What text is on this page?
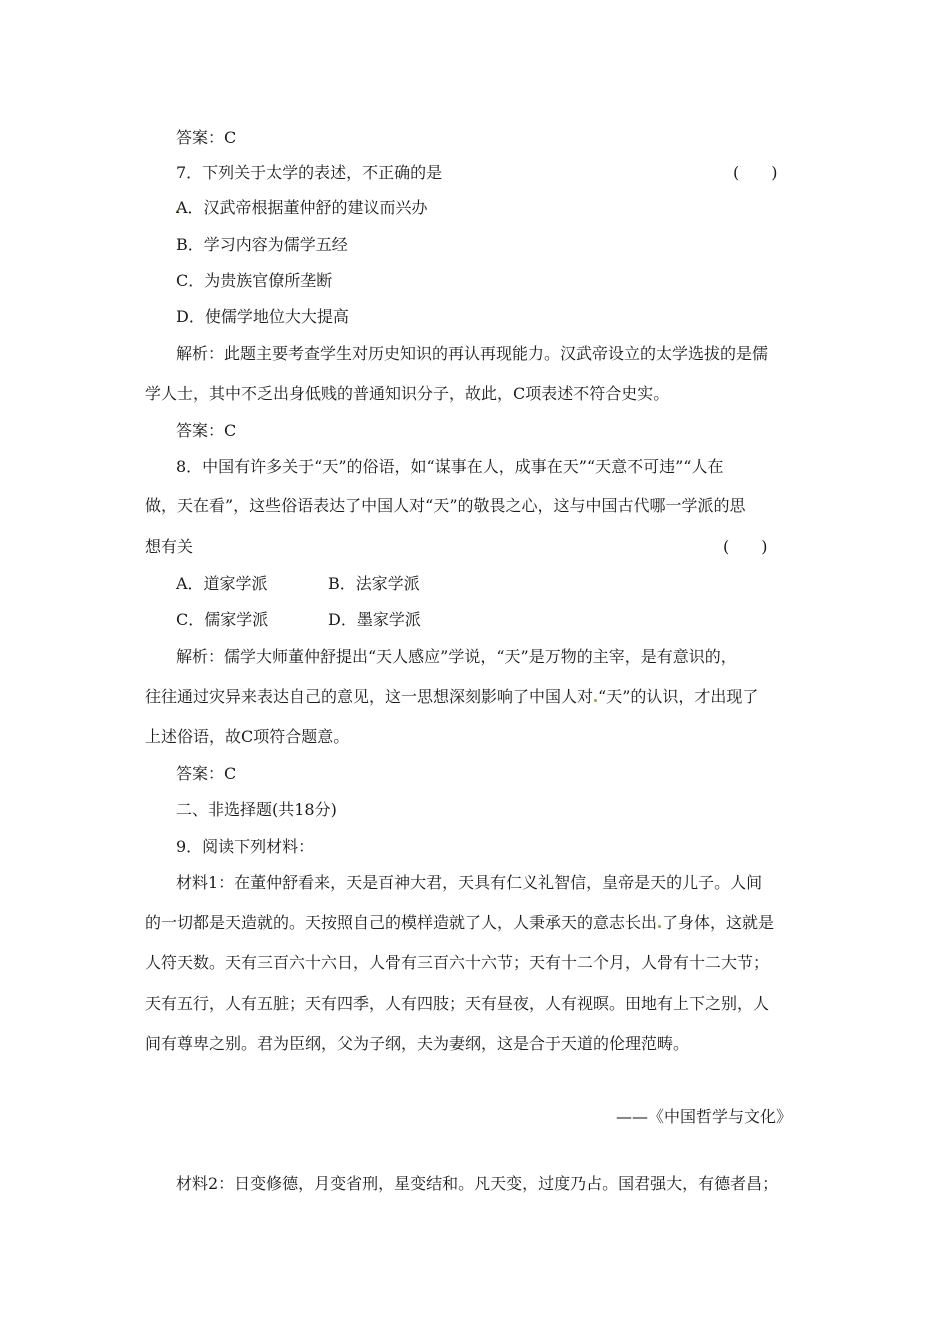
答案：C
7．下列关于太学的表述，不正确的是	(　　)
A．汉武帝根据董仲舒的建议而兴办
B．学习内容为儒学五经
C．为贵族官僚所垄断
D．使儒学地位大大提高
解析：此题主要考查学生对历史知识的再认再现能力。汉武帝设立的太学选拔的是儒
学人士，其中不乏出身低贱的普通知识分子，故此，C项表述不符合史实。
答案：C
8．中国有许多关于“天”的俗语，如“谋事在人，成事在天”“天意不可违”“人在
做，天在看”，这些俗语表达了中国人对“天”的敬畏之心，这与中国古代哪一学派的思
想有关	(　　)
A．道家学派	B．法家学派
C．儒家学派	D．墨家学派
解析：儒学大师董仲舒提出“天人感应”学说，“天”是万物的主宰，是有意识的，
往往通过灾异来表达自己的意见，这一思想深刻影响了中国人对 “天”的认识，才出现了
上述俗语，故C项符合题意。
答案：C
二、非选择题(共18分)
9．阅读下列材料：
材料1：在董仲舒看来，天是百神大君，天具有仁义礼智信，皇帝是天的儿子。人间
的一切都是天造就的。天按照自己的模样造就了人，人秉承天的意志长出 了身体，这就是
人符天数。天有三百六十六日，人骨有三百六十六节；天有十二个月，人骨有十二大节；
天有五行，人有五脏；天有四季，人有四肢；天有昼夜，人有视暝。田地有上下之别，人
间有尊卑之别。君为臣纲，父为子纲，夫为妻纲，这是合于天道的伦理范畴。
——《中国哲学与文化》
材料2：日变修德，月变省刑，星变结和。凡天变，过度乃占。国君强大，有德者昌；
